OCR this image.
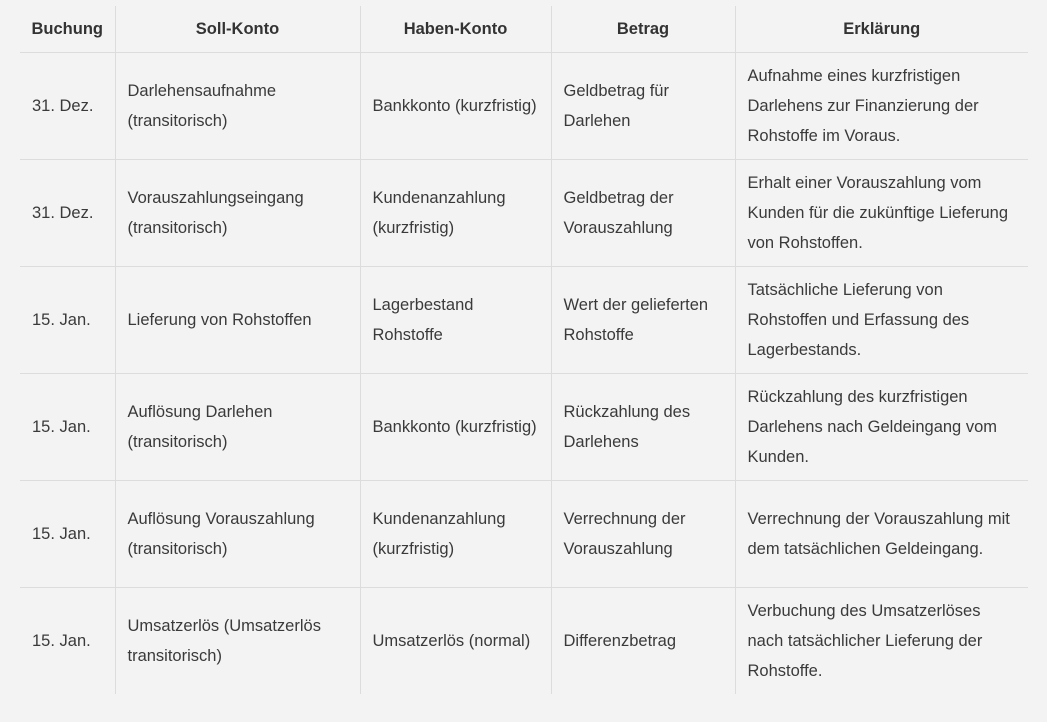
Buchung	Soll-Konto	Haben-Konto	Betrag	Erklärung
31. Dez.	Darlehensaufnahme (transitorisch)	Bankkonto (kurzfristig)	Geldbetrag für Darlehen	Aufnahme eines kurzfristigen Darlehens zur Finanzierung der Rohstoffe im Voraus.
31. Dez.	Vorauszahlungseingang (transitorisch)	Kundenanzahlung (kurzfristig)	Geldbetrag der Vorauszahlung	Erhalt einer Vorauszahlung vom Kunden für die zukünftige Lieferung von Rohstoffen.
15. Jan.	Lieferung von Rohstoffen	Lagerbestand Rohstoffe	Wert der gelieferten Rohstoffe	Tatsächliche Lieferung von Rohstoffen und Erfassung des Lagerbestands.
15. Jan.	Auflösung Darlehen (transitorisch)	Bankkonto (kurzfristig)	Rückzahlung des Darlehens	Rückzahlung des kurzfristigen Darlehens nach Geldeingang vom Kunden.
15. Jan.	Auflösung Vorauszahlung (transitorisch)	Kundenanzahlung (kurzfristig)	Verrechnung der Vorauszahlung	Verrechnung der Vorauszahlung mit dem tatsächlichen Geldeingang.
15. Jan.	Umsatzerlös (Umsatzerlös transitorisch)	Umsatzerlös (normal)	Differenzbetrag	Verbuchung des Umsatzerlöses nach tatsächlicher Lieferung der Rohstoffe.
